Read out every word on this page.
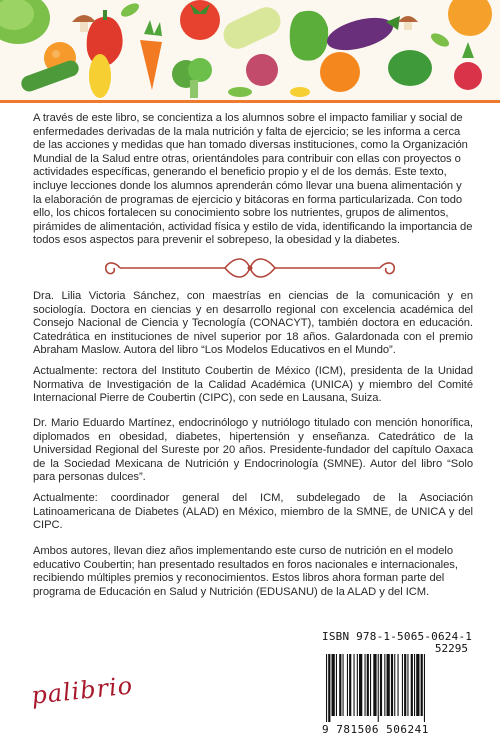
A través de este libro, se concientiza a los alumnos sobre el impacto familiar y social de enfermedades derivadas de la mala nutrición y falta de ejercicio; se les informa a cerca de las acciones y medidas que han tomado diversas instituciones, como la Organización Mundial de la Salud entre otras, orientándoles para contribuir con ellas con proyectos o actividades específicas, generando el beneficio propio y el de los demás. Este texto, incluye lecciones donde los alumnos aprenderán cómo llevar una buena alimentación y la elaboración de programas de ejercicio y bitácoras en forma particularizada. Con todo ello, los chicos fortalecen su conocimiento sobre los nutrientes, grupos de alimentos, pirámides de alimentación, actividad física y estilo de vida, identificando la importancia de todos esos aspectos para prevenir el sobrepeso, la obesidad y la diabetes.

Dra. Lilia Victoria Sánchez, con maestrías en ciencias de la comunicación y en sociología. Doctora en ciencias y en desarrollo regional con excelencia académica del Consejo Nacional de Ciencia y Tecnología (CONACYT), también doctora en educación. Catedrática en instituciones de nivel superior por 18 años. Galardonada con el premio Abraham Maslow. Autora del libro “Los Modelos Educativos en el Mundo”.

Actualmente: rectora del Instituto Coubertin de México (ICM), presidenta de la Unidad Normativa de Investigación de la Calidad Académica (UNICA) y miembro del Comité Internacional Pierre de Coubertin (CIPC), con sede en Lausana, Suiza.

Dr. Mario Eduardo Martínez, endocrinólogo y nutriólogo titulado con mención honorífica, diplomados en obesidad, diabetes, hipertensión y enseñanza. Catedrático de la Universidad Regional del Sureste por 20 años. Presidente-fundador del capítulo Oaxaca de la Sociedad Mexicana de Nutrición y Endocrinología (SMNE). Autor del libro “Solo para personas dulces”.

Actualmente: coordinador general del ICM, subdelegado de la Asociación Latinoamericana de Diabetes (ALAD) en México, miembro de la SMNE, de UNICA y del CIPC.

Ambos autores, llevan diez años implementando este curso de nutrición en el modelo educativo Coubertin; han presentado resultados en foros nacionales e internacionales, recibiendo múltiples premios y reconocimientos. Estos libros ahora forman parte del programa de Educación en Salud y Nutrición (EDUSANU) de la ALAD y del ICM.

palibrio
ISBN 978-1-5065-0624-1
52295
9 781506 506241
